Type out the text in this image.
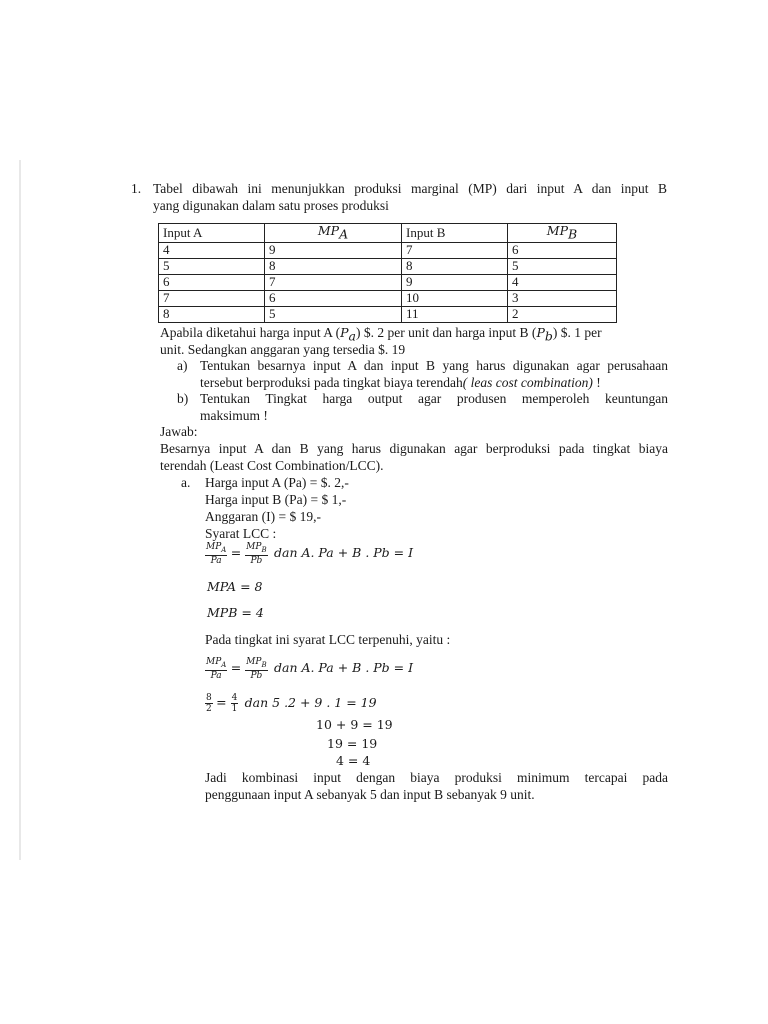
1. Tabel dibawah ini menunjukkan produksi marginal (MP) dari input A dan input B
yang digunakan dalam satu proses produksi
Input A	$MP_A$	Input B	$MP_B$
4	9	7	6
5	8	8	5
6	7	9	4
7	6	10	3
8	5	11	2
Apabila diketahui harga input A $(P_a)$ $. 2 per unit dan harga input B $(P_b)$ $. 1 per
unit. Sedangkan anggaran yang tersedia $. 19
a) Tentukan besarnya input A dan input B yang harus digunakan agar perusahaan
tersebut berproduksi pada tingkat biaya terendah( leas cost combination) !
b) Tentukan Tingkat harga output agar produsen memperoleh keuntungan
maksimum !
Jawab:
Besarnya input A dan B yang harus digunakan agar berproduksi pada tingkat biaya
terendah (Least Cost Combination/LCC).
a. Harga input A (Pa) = $. 2,-
Harga input B (Pa) = $ 1,-
Anggaran (I) = $ 19,-
Syarat LCC :
$\frac{MP_A}{Pa} = \frac{MP_B}{Pb}$ dan A. Pa + B . Pb = I
MPA = 8
MPB = 4
Pada tingkat ini syarat LCC terpenuhi, yaitu :
$\frac{MP_A}{Pa} = \frac{MP_B}{Pb}$ dan A. Pa + B . Pb = I
$\frac{8}{2} = \frac{4}{1}$ dan 5 .2 + 9 . 1 = 19
10 + 9 = 19
19 = 19
4 = 4
Jadi kombinasi input dengan biaya produksi minimum tercapai pada
penggunaan input A sebanyak 5 dan input B sebanyak 9 unit.
